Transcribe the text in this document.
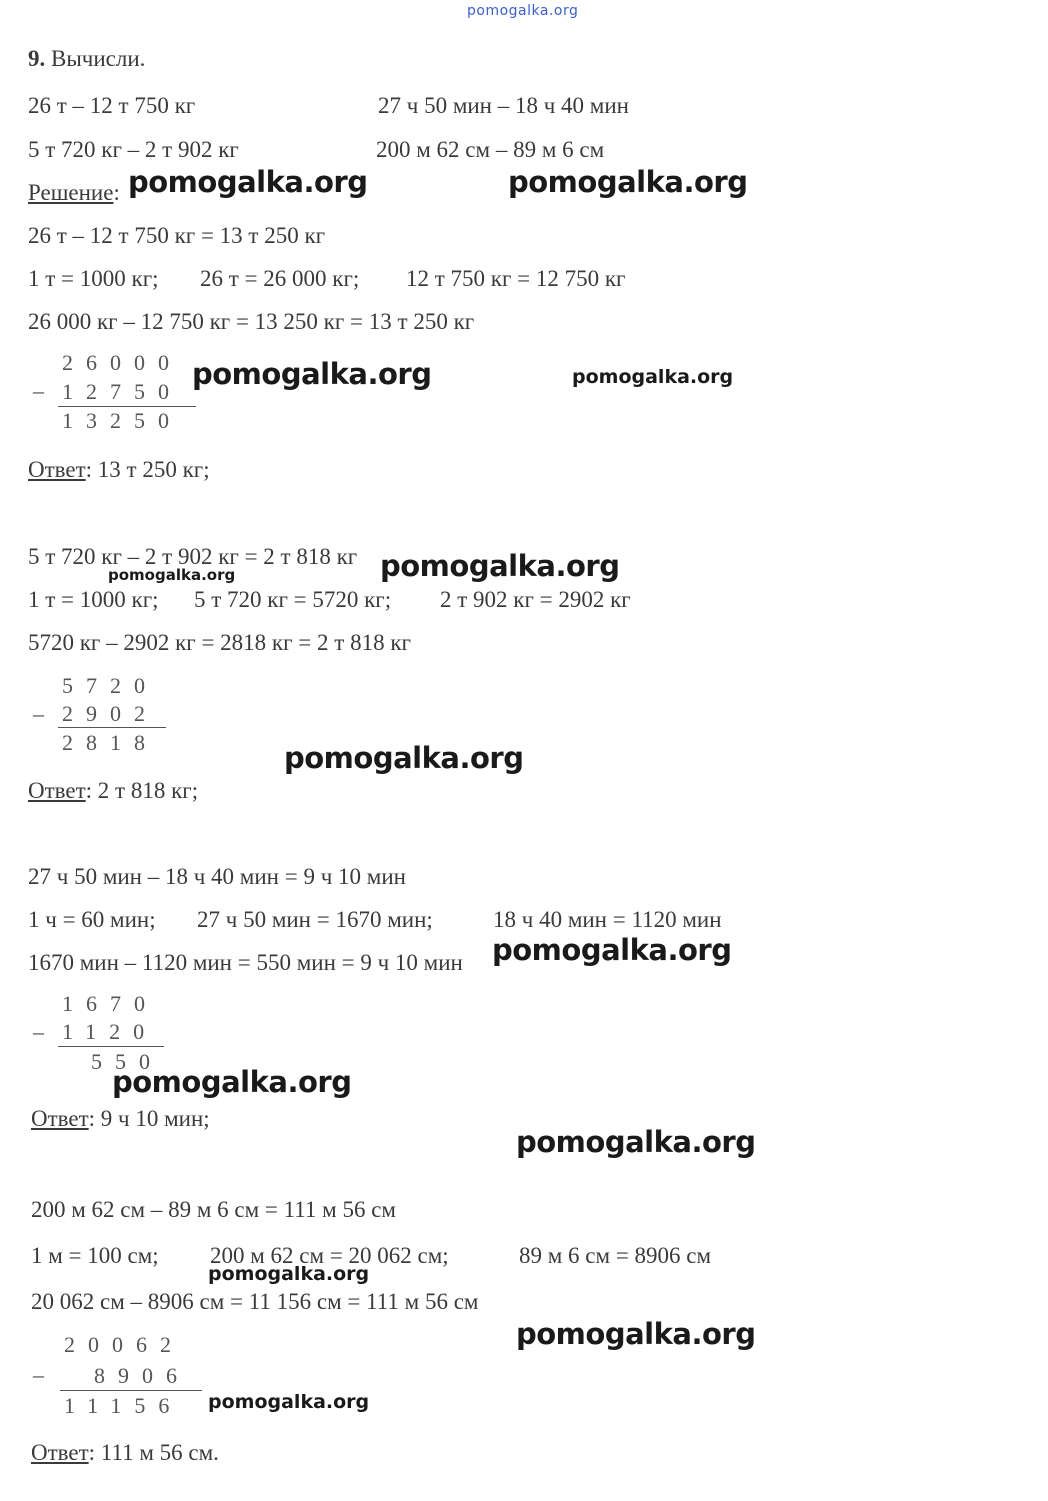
pomogalka.org
9. Вычисли.
26 т – 12 т 750 кг	27 ч 50 мин – 18 ч 40 мин
5 т 720 кг – 2 т 902 кг	200 м 62 см – 89 м 6 см
Решение: pomogalka.org	pomogalka.org
26 т – 12 т 750 кг = 13 т 250 кг
1 т = 1000 кг; 26 т = 26 000 кг; 12 т 750 кг = 12 750 кг
26 000 кг – 12 750 кг = 13 250 кг = 13 т 250 кг
26000
– 12750
13250
pomogalka.org	pomogalka.org
Ответ: 13 т 250 кг;
5 т 720 кг – 2 т 902 кг = 2 т 818 кг
pomogalka.org	pomogalka.org
1 т = 1000 кг; 5 т 720 кг = 5720 кг; 2 т 902 кг = 2902 кг
5720 кг – 2902 кг = 2818 кг = 2 т 818 кг
5720
– 2902
2818	pomogalka.org
Ответ: 2 т 818 кг;
27 ч 50 мин – 18 ч 40 мин = 9 ч 10 мин
1 ч = 60 мин; 27 ч 50 мин = 1670 мин;	18 ч 40 мин = 1120 мин
1670 мин – 1120 мин = 550 мин = 9 ч 10 мин pomogalka.org
1670
– 1120
550
pomogalka.org
Ответ: 9 ч 10 мин;
pomogalka.org
200 м 62 см – 89 м 6 см = 111 м 56 см
1 м = 100 см; 200 м 62 см = 20 062 см;	89 м 6 см = 8906 см
pomogalka.org
20 062 см – 8906 см = 11 156 см = 111 м 56 см
pomogalka.org
20062
– 8906
11156 pomogalka.org
Ответ: 111 м 56 см.
